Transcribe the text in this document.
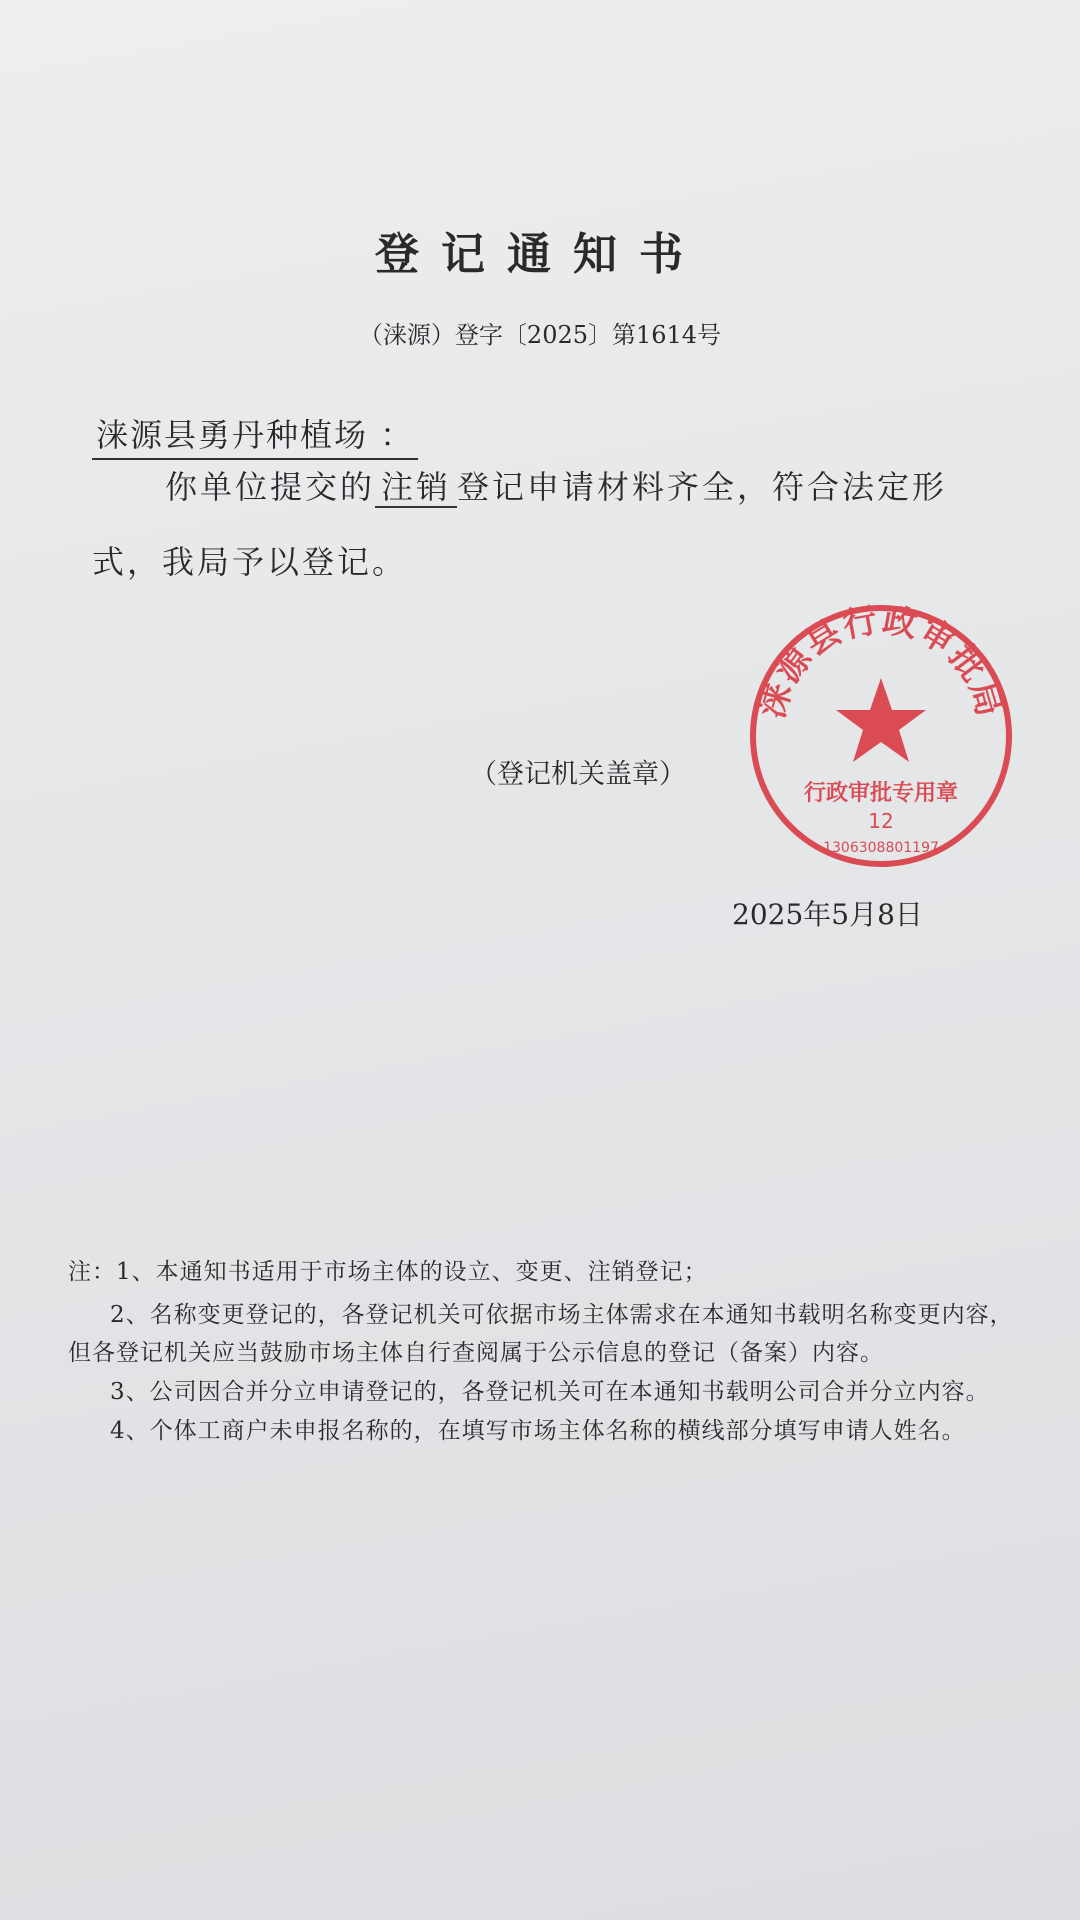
登记通知书
（涞源）登字〔2025〕第1614号
涞源县勇丹种植场 ：
你单位提交的 注销 登记申请材料齐全，符合法定形
式，我局予以登记。
（登记机关盖章）
涞源县行政审批局
行政审批专用章
12
1306308801197
2025年5月8日
注：1、本通知书适用于市场主体的设立、变更、注销登记；
2、名称变更登记的，各登记机关可依据市场主体需求在本通知书载明名称变更内容，
但各登记机关应当鼓励市场主体自行查阅属于公示信息的登记（备案）内容。
3、公司因合并分立申请登记的，各登记机关可在本通知书载明公司合并分立内容。
4、个体工商户未申报名称的，在填写市场主体名称的横线部分填写申请人姓名。
